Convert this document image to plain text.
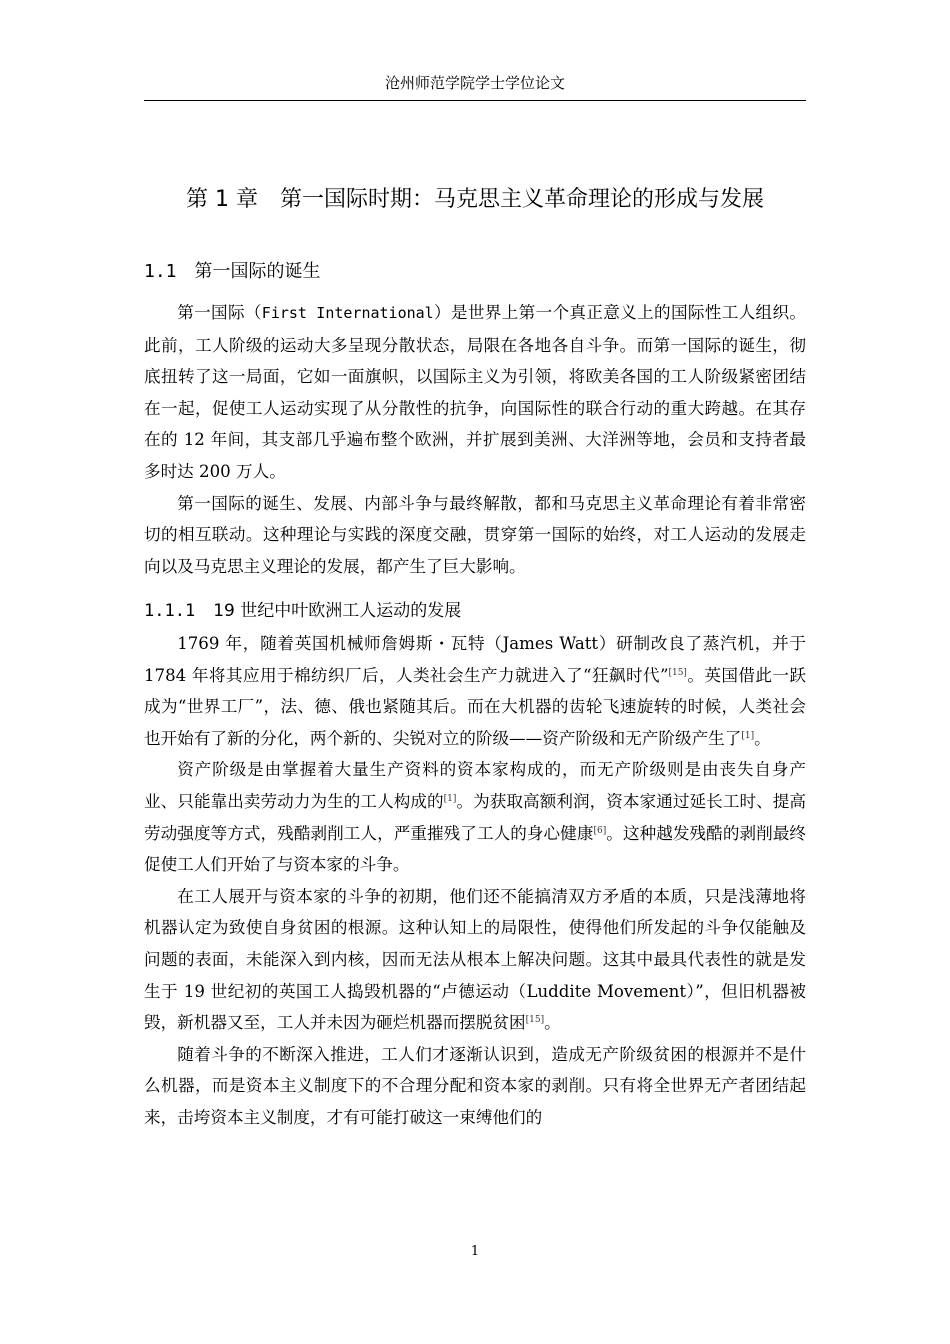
沧州师范学院学士学位论文
第 1 章　第一国际时期：马克思主义革命理论的形成与发展
1.1 第一国际的诞生

第一国际（First International）是世界上第一个真正意义上的国际性工人组织。此前，工人阶级的运动大多呈现分散状态，局限在各地各自斗争。而第一国际的诞生，彻底扭转了这一局面，它如一面旗帜，以国际主义为引领，将欧美各国的工人阶级紧密团结在一起，促使工人运动实现了从分散性的抗争，向国际性的联合行动的重大跨越。在其存在的 12 年间，其支部几乎遍布整个欧洲，并扩展到美洲、大洋洲等地，会员和支持者最多时达 200 万人。

第一国际的诞生、发展、内部斗争与最终解散，都和马克思主义革命理论有着非常密切的相互联动。这种理论与实践的深度交融，贯穿第一国际的始终，对工人运动的发展走向以及马克思主义理论的发展，都产生了巨大影响。

1.1.1 19 世纪中叶欧洲工人运动的发展

1769 年，随着英国机械师詹姆斯・瓦特（James Watt）研制改良了蒸汽机，并于 1784 年将其应用于棉纺织厂后，人类社会生产力就进入了“狂飙时代”[15]。英国借此一跃成为“世界工厂”，法、德、俄也紧随其后。而在大机器的齿轮飞速旋转的时候，人类社会也开始有了新的分化，两个新的、尖锐对立的阶级——资产阶级和无产阶级产生了[1]。

资产阶级是由掌握着大量生产资料的资本家构成的，而无产阶级则是由丧失自身产业、只能靠出卖劳动力为生的工人构成的[1]。为获取高额利润，资本家通过延长工时、提高劳动强度等方式，残酷剥削工人，严重摧残了工人的身心健康[6]。这种越发残酷的剥削最终促使工人们开始了与资本家的斗争。

在工人展开与资本家的斗争的初期，他们还不能搞清双方矛盾的本质，只是浅薄地将机器认定为致使自身贫困的根源。这种认知上的局限性，使得他们所发起的斗争仅能触及问题的表面，未能深入到内核，因而无法从根本上解决问题。这其中最具代表性的就是发生于 19 世纪初的英国工人捣毁机器的“卢德运动（Luddite Movement）”，但旧机器被毁，新机器又至，工人并未因为砸烂机器而摆脱贫困[15]。

随着斗争的不断深入推进，工人们才逐渐认识到，造成无产阶级贫困的根源并不是什么机器，而是资本主义制度下的不合理分配和资本家的剥削。只有将全世界无产者团结起来，击垮资本主义制度，才有可能打破这一束缚他们的

1
